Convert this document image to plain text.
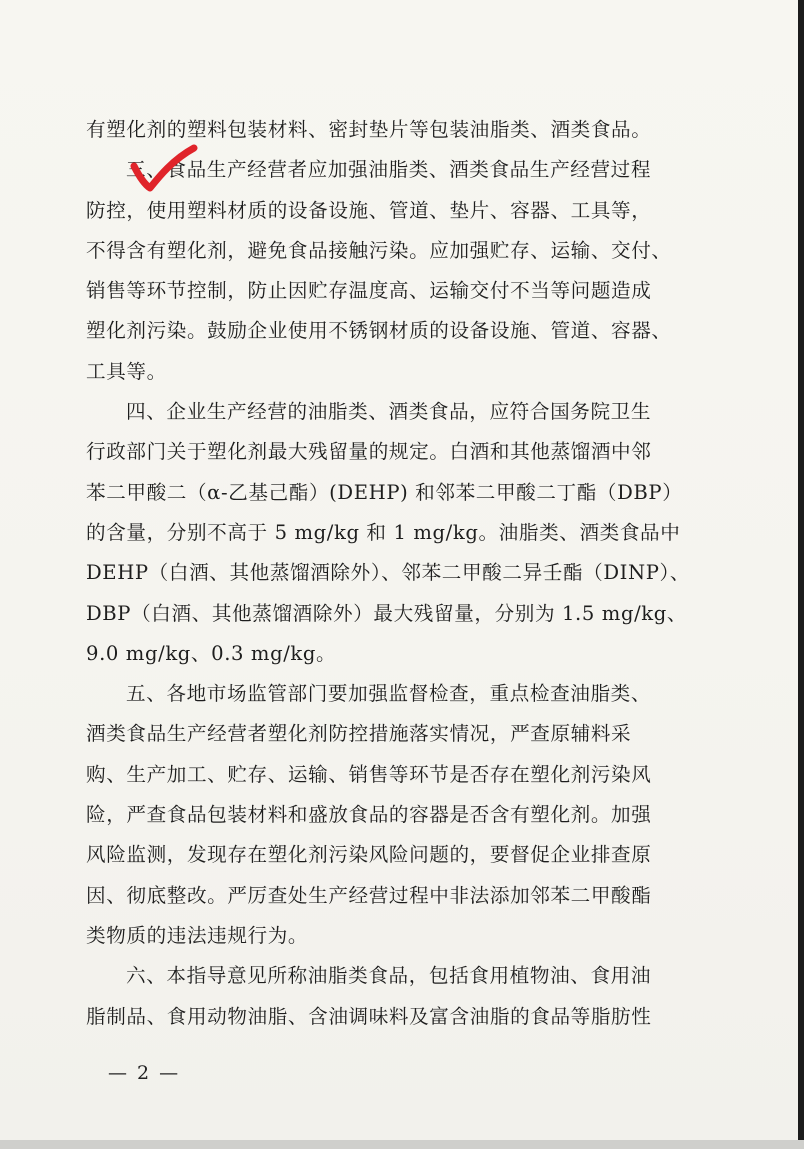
有塑化剂的塑料包装材料、密封垫片等包装油脂类、酒类食品。
三、食品生产经营者应加强油脂类、酒类食品生产经营过程
防控，使用塑料材质的设备设施、管道、垫片、容器、工具等，
不得含有塑化剂，避免食品接触污染。应加强贮存、运输、交付、
销售等环节控制，防止因贮存温度高、运输交付不当等问题造成
塑化剂污染。鼓励企业使用不锈钢材质的设备设施、管道、容器、
工具等。
四、企业生产经营的油脂类、酒类食品，应符合国务院卫生
行政部门关于塑化剂最大残留量的规定。白酒和其他蒸馏酒中邻
苯二甲酸二（α-乙基己酯）(DEHP) 和邻苯二甲酸二丁酯（DBP）
的含量，分别不高于 5 mg/kg 和 1 mg/kg。油脂类、酒类食品中
DEHP（白酒、其他蒸馏酒除外）、邻苯二甲酸二异壬酯（DINP）、
DBP（白酒、其他蒸馏酒除外）最大残留量，分别为 1.5 mg/kg、
9.0 mg/kg、0.3 mg/kg。
五、各地市场监管部门要加强监督检查，重点检查油脂类、
酒类食品生产经营者塑化剂防控措施落实情况，严查原辅料采
购、生产加工、贮存、运输、销售等环节是否存在塑化剂污染风
险，严查食品包装材料和盛放食品的容器是否含有塑化剂。加强
风险监测，发现存在塑化剂污染风险问题的，要督促企业排查原
因、彻底整改。严厉查处生产经营过程中非法添加邻苯二甲酸酯
类物质的违法违规行为。
六、本指导意见所称油脂类食品，包括食用植物油、食用油
脂制品、食用动物油脂、含油调味料及富含油脂的食品等脂肪性
— 2 —
